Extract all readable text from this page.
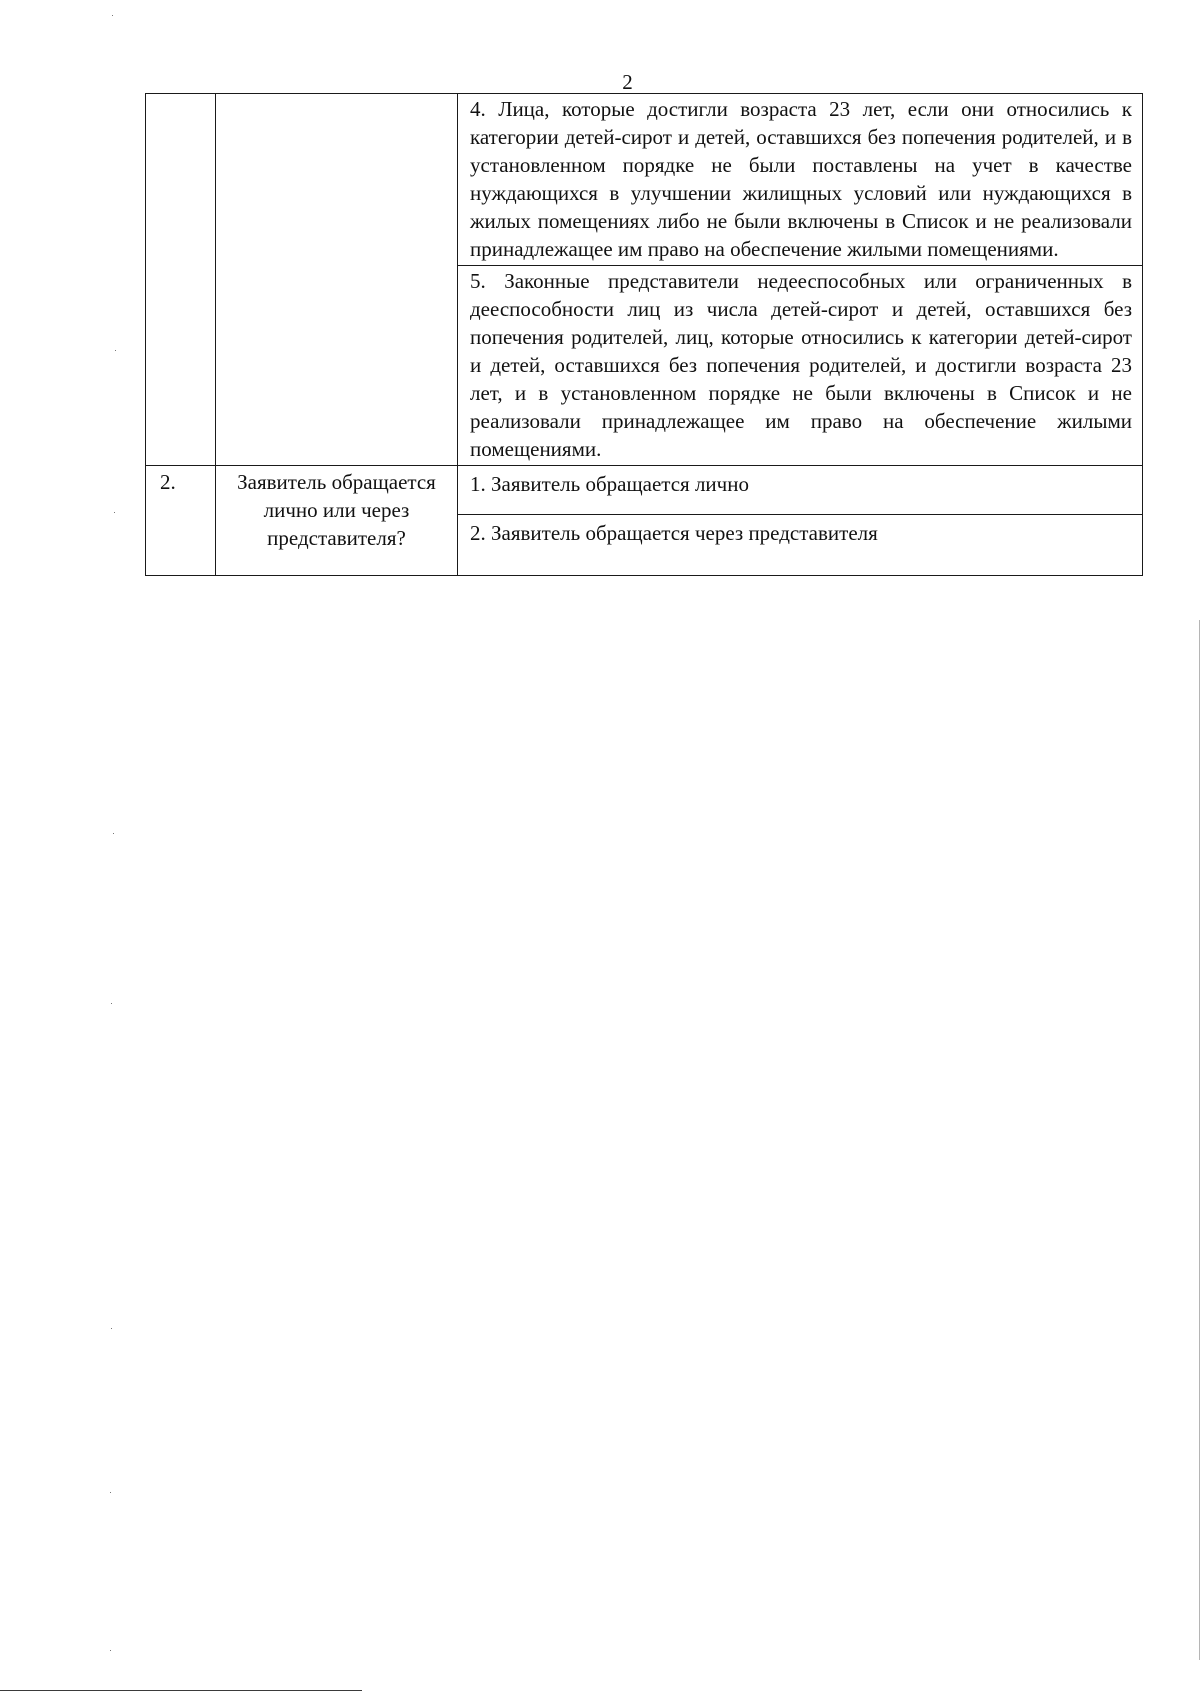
2

		4. Лица, которые достигли возраста 23 лет, если они относились к категории детей-сирот и детей, оставшихся без попечения родителей, и в установленном порядке не были поставлены на учет в качестве нуждающихся в улучшении жилищных условий или нуждающихся в жилых помещениях либо не были включены в Список и не реализовали принадлежащее им право на обеспечение жилыми помещениями.

		5. Законные представители недееспособных или ограниченных в дееспособности лиц из числа детей-сирот и детей, оставшихся без попечения родителей, лиц, которые относились к категории детей-сирот и детей, оставшихся без попечения родителей, и достигли возраста 23 лет, и в установленном порядке не были включены в Список и не реализовали принадлежащее им право на обеспечение жилыми помещениями.

2.	Заявитель обращается лично или через представителя?	1. Заявитель обращается лично

		2. Заявитель обращается через представителя
